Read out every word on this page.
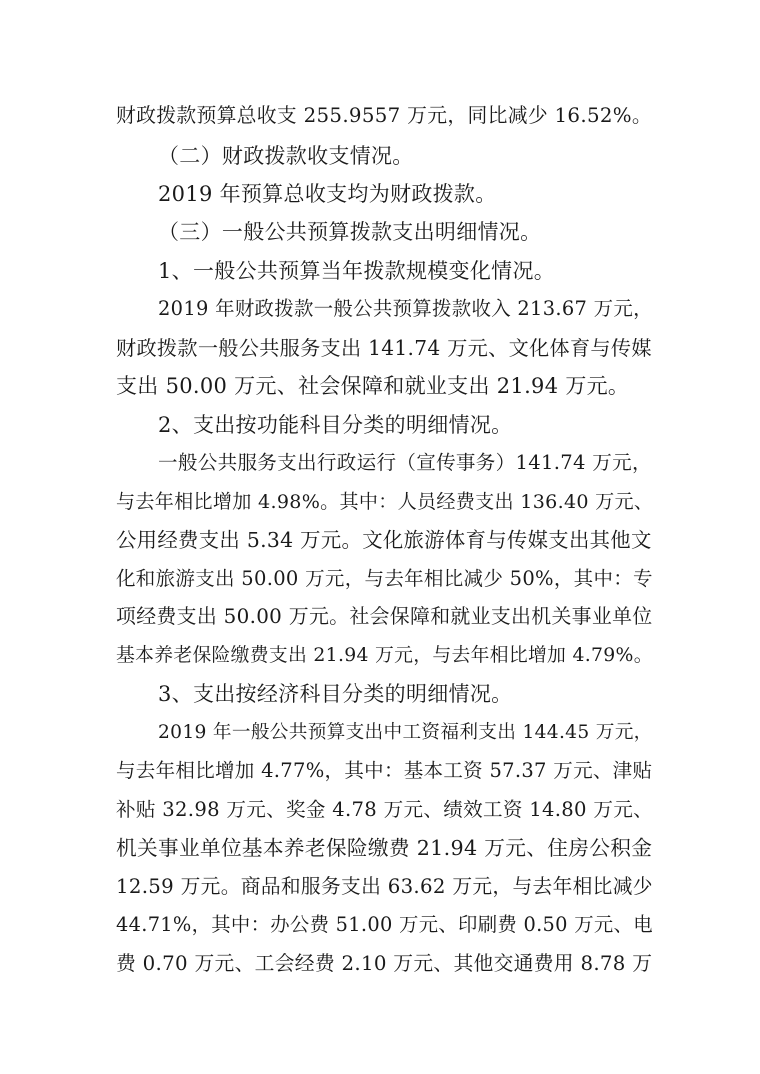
财政拨款预算总收支 255.9557 万元，同比减少 16.52%。
（二）财政拨款收支情况。
2019 年预算总收支均为财政拨款。
（三）一般公共预算拨款支出明细情况。
1、一般公共预算当年拨款规模变化情况。
2019 年财政拨款一般公共预算拨款收入 213.67 万元，
财政拨款一般公共服务支出 141.74 万元、文化体育与传媒
支出 50.00 万元、社会保障和就业支出 21.94 万元。
2、支出按功能科目分类的明细情况。
一般公共服务支出行政运行（宣传事务）141.74 万元，
与去年相比增加 4.98%。其中：人员经费支出 136.40 万元、
公用经费支出 5.34 万元。文化旅游体育与传媒支出其他文
化和旅游支出 50.00 万元，与去年相比减少 50%，其中：专
项经费支出 50.00 万元。社会保障和就业支出机关事业单位
基本养老保险缴费支出 21.94 万元，与去年相比增加 4.79%。
3、支出按经济科目分类的明细情况。
2019 年一般公共预算支出中工资福利支出 144.45 万元，
与去年相比增加 4.77%，其中：基本工资 57.37 万元、津贴
补贴 32.98 万元、奖金 4.78 万元、绩效工资 14.80 万元、
机关事业单位基本养老保险缴费 21.94 万元、住房公积金
12.59 万元。商品和服务支出 63.62 万元，与去年相比减少
44.71%，其中：办公费 51.00 万元、印刷费 0.50 万元、电
费 0.70 万元、工会经费 2.10 万元、其他交通费用 8.78 万
